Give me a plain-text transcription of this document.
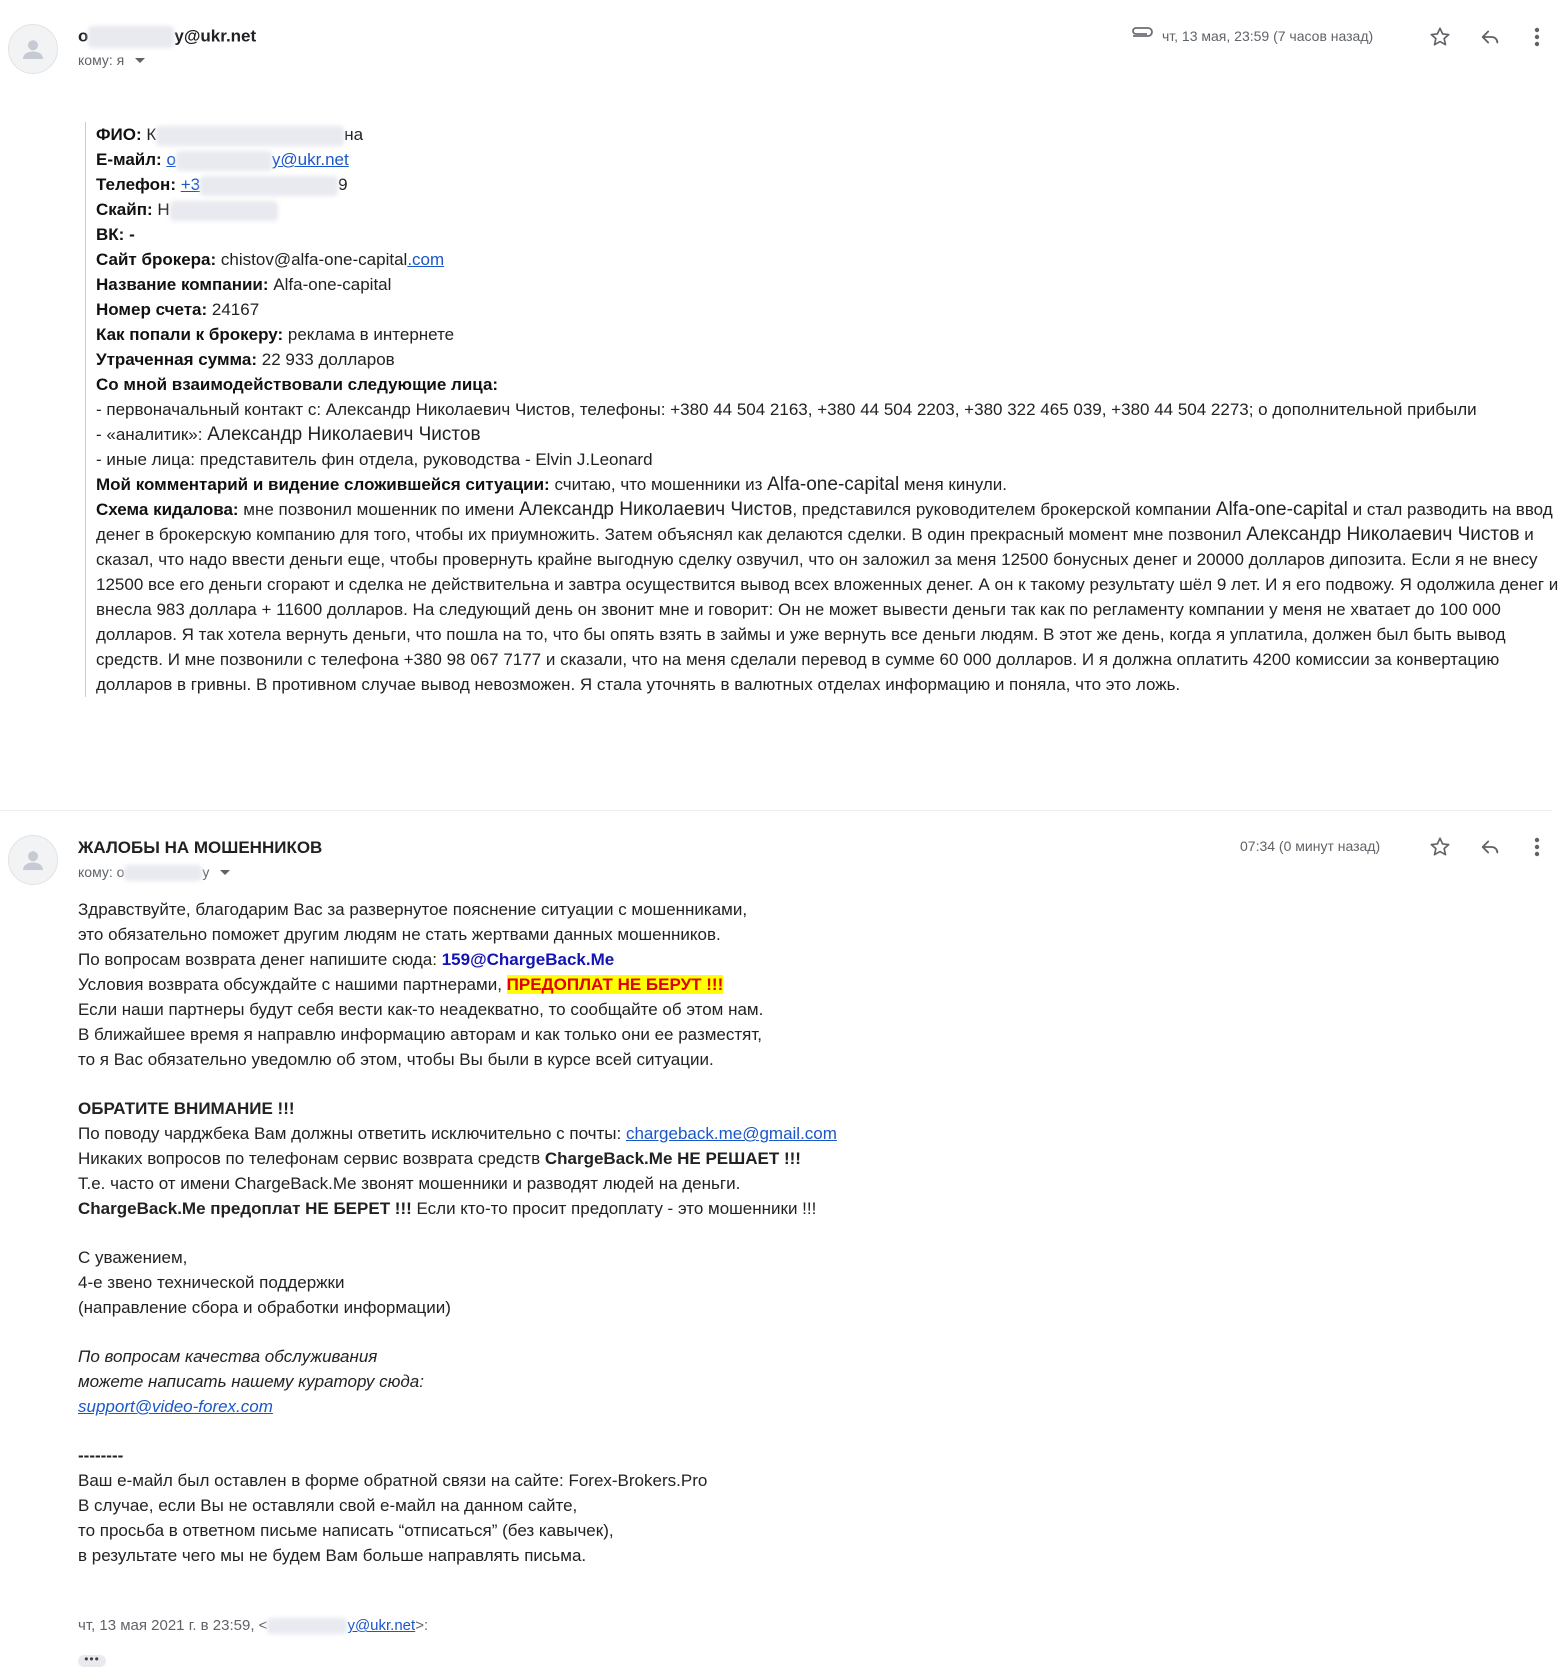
o	y@ukr.net
кому: я
чт, 13 мая, 23:59 (7 часов назад)

ФИО: К	на

Е-майл: о	y@ukr.net

Телефон: +3	9

Скайп: Н

ВК: -

Сайт брокера: chistov@alfa-one-capital.com

Название компании: Alfa-one-capital

Номер счета: 24167

Как попали к брокеру: реклама в интернете

Утраченная сумма: 22 933 долларов

Со мной взаимодействовали следующие лица:

- первоначальный контакт с: Александр Николаевич Чистов, телефоны: +380 44 504 2163, +380 44 504 2203, +380 322 465 039, +380 44 504 2273; о дополнительной прибыли

- «аналитик»: Александр Николаевич Чистов

- иные лица: представитель фин отдела, руководства - Elvin J.Leonard

Мой комментарий и видение сложившейся ситуации: считаю, что мошенники из Alfa-one-capital меня кинули.

Схема кидалова: мне позвонил мошенник по имени Александр Николаевич Чистов, представился руководителем брокерской компании Alfa-one-capital и стал разводить на ввод денег в брокерскую компанию для того, чтобы их приумножить. Затем объяснял как делаются сделки. В один прекрасный момент мне позвонил Александр Николаевич Чистов и сказал, что надо ввести деньги еще, чтобы провернуть крайне выгодную сделку озвучил, что он заложил за меня 12500 бонусных денег и 20000 долларов дипозита. Если я не внесу 12500 все его деньги сгорают и сделка не действительна и завтра осуществится вывод всех вложенных денег. А он к такому результату шёл 9 лет. И я его подвожу. Я одолжила денег и внесла 983 доллара + 11600 долларов. На следующий день он звонит мне и говорит: Он не может вывести деньги так как по регламенту компании у меня не хватает до 100 000 долларов. Я так хотела вернуть деньги, что пошла на то, что бы опять взять в займы и уже вернуть все деньги людям. В этот же день, когда я уплатила, должен был быть вывод средств. И мне позвонили с телефона +380 98 067 7177 и сказали, что на меня сделали перевод в сумме 60 000 долларов. И я должна оплатить 4200 комиссии за конвертацию долларов в гривны. В противном случае вывод невозможен. Я стала уточнять в валютных отделах информацию и поняла, что это ложь.

ЖАЛОБЫ НА МОШЕННИКОВ
кому: о	у
07:34 (0 минут назад)

Здравствуйте, благодарим Вас за развернутое пояснение ситуации с мошенниками,

это обязательно поможет другим людям не стать жертвами данных мошенников.

По вопросам возврата денег напишите сюда: 159@ChargeBack.Me

Условия возврата обсуждайте с нашими партнерами, ПРЕДОПЛАТ НЕ БЕРУТ !!!

Если наши партнеры будут себя вести как-то неадекватно, то сообщайте об этом нам.

В ближайшее время я направлю информацию авторам и как только они ее разместят,

то я Вас обязательно уведомлю об этом, чтобы Вы были в курсе всей ситуации.

ОБРАТИТЕ ВНИМАНИЕ !!!

По поводу чарджбека Вам должны ответить исключительно с почты: chargeback.me@gmail.com

Никаких вопросов по телефонам сервис возврата средств ChargeBack.Me НЕ РЕШАЕТ !!!

Т.е. часто от имени ChargeBack.Me звонят мошенники и разводят людей на деньги.

ChargeBack.Me предоплат НЕ БЕРЕТ !!! Если кто-то просит предоплату - это мошенники !!!

С уважением,

4-е звено технической поддержки

(направление сбора и обработки информации)

По вопросам качества обслуживания

можете написать нашему куратору сюда:

support@video-forex.com

--------

Ваш е-майл был оставлен в форме обратной связи на сайте: Forex-Brokers.Pro

В случае, если Вы не оставляли свой е-майл на данном сайте,

то просьба в ответном письме написать “отписаться” (без кавычек),

в результате чего мы не будем Вам больше направлять письма.

чт, 13 мая 2021 г. в 23:59, <	y@ukr.net>:
•••
